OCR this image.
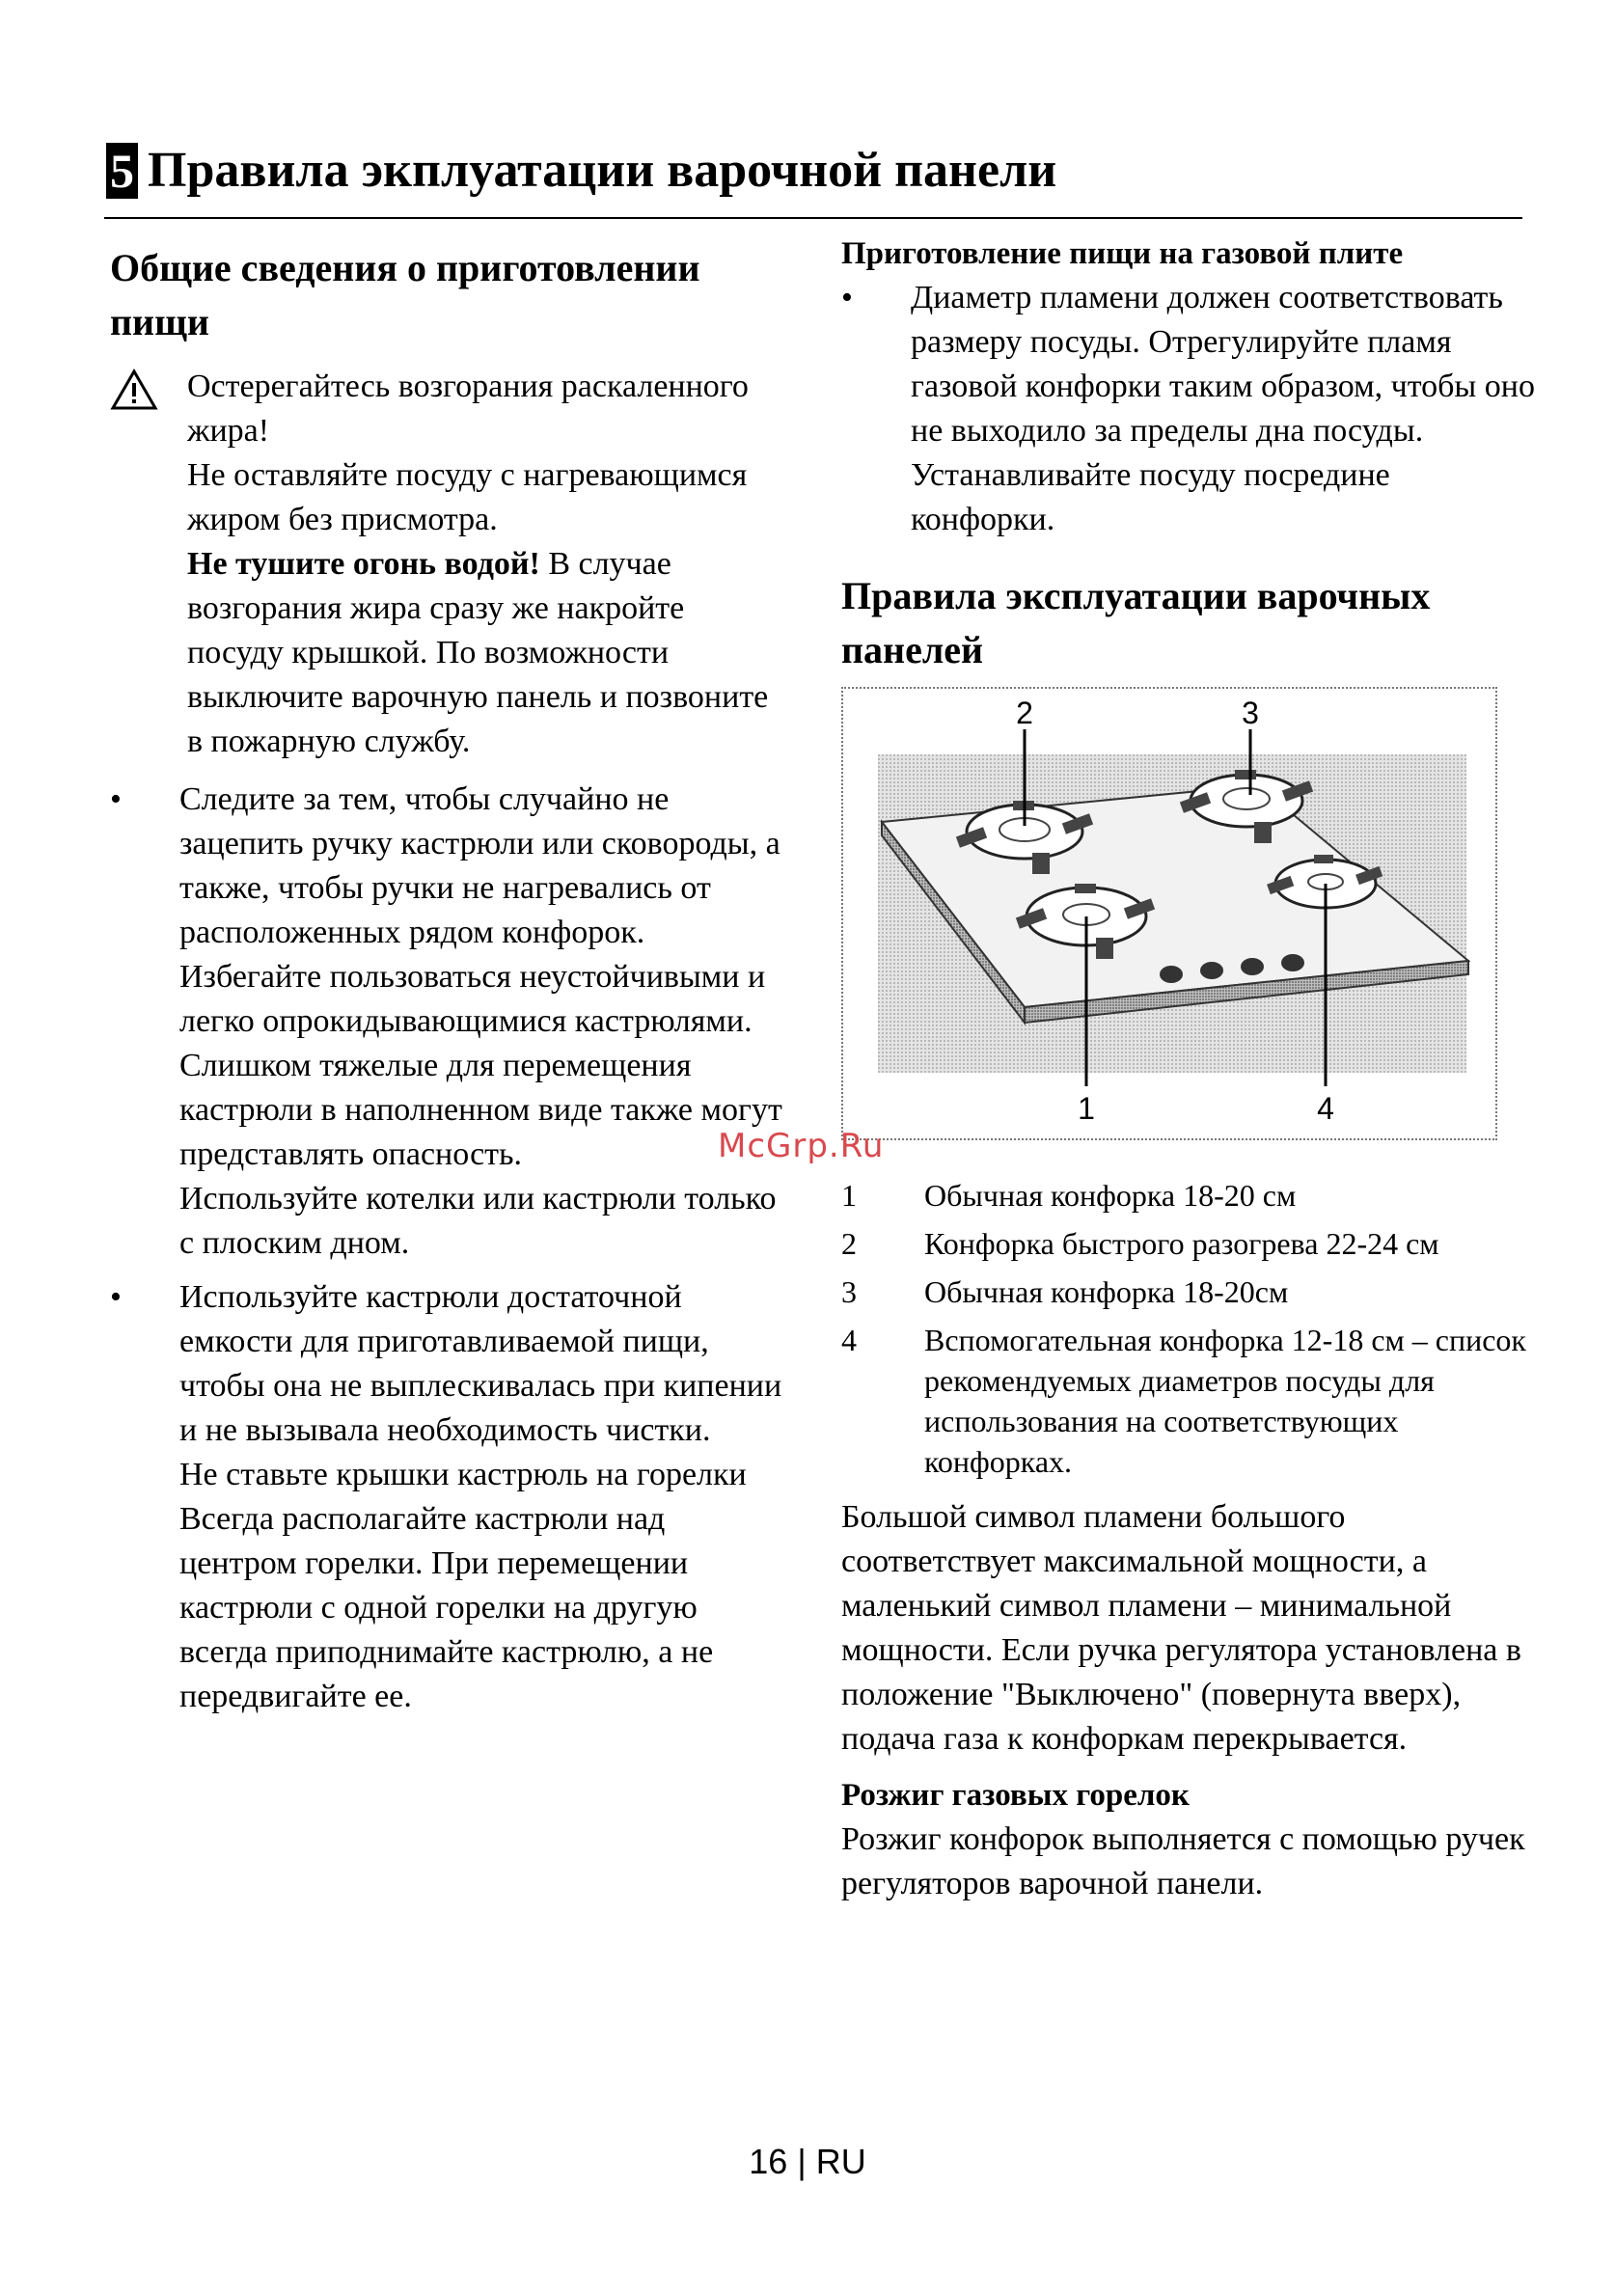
5 Правила экплуатации варочной панели
Общие сведения о приготовлении пищи

Остерегайтесь возгорания раскаленного жира!

Не оставляйте посуду с нагревающимся жиром без присмотра.

Не тушите огонь водой! В случае возгорания жира сразу же накройте посуду крышкой. По возможности выключите варочную панель и позвоните в пожарную службу.

• Следите за тем, чтобы случайно не зацепить ручку кастрюли или сковороды, а также, чтобы ручки не нагревались от расположенных рядом конфорок. Избегайте пользоваться неустойчивыми и легко опрокидывающимися кастрюлями. Слишком тяжелые для перемещения кастрюли в наполненном виде также могут представлять опасность.

Используйте котелки или кастрюли только с плоским дном.

• Используйте кастрюли достаточной емкости для приготавливаемой пищи, чтобы она не выплескивалась при кипении и не вызывала необходимость чистки.

Не ставьте крышки кастрюль на горелки

Всегда располагайте кастрюли над центром горелки. При перемещении кастрюли с одной горелки на другую всегда приподнимайте кастрюлю, а не передвигайте ее.

Приготовление пищи на газовой плите
• Диаметр пламени должен соответствовать размеру посуды. Отрегулируйте пламя газовой конфорки таким образом, чтобы оно не выходило за пределы дна посуды. Устанавливайте посуду посредине конфорки.

Правила эксплуатации варочных панелей
2	3
1	4
1	Обычная конфорка 18-20 см
2	Конфорка быстрого разогрева 22-24 см
3	Обычная конфорка 18-20см
4	Вспомогательная конфорка 12-18 см – список рекомендуемых диаметров посуды для использования на соответствующих конфорках.

Большой символ пламени большого соответствует максимальной мощности, а маленький символ пламени – минимальной мощности. Если ручка регулятора установлена в положение "Выключено" (повернута вверх), подача газа к конфоркам перекрывается.

Розжиг газовых горелок

Розжиг конфорок выполняется с помощью ручек регуляторов варочной панели.

McGrp.Ru
16 | RU
